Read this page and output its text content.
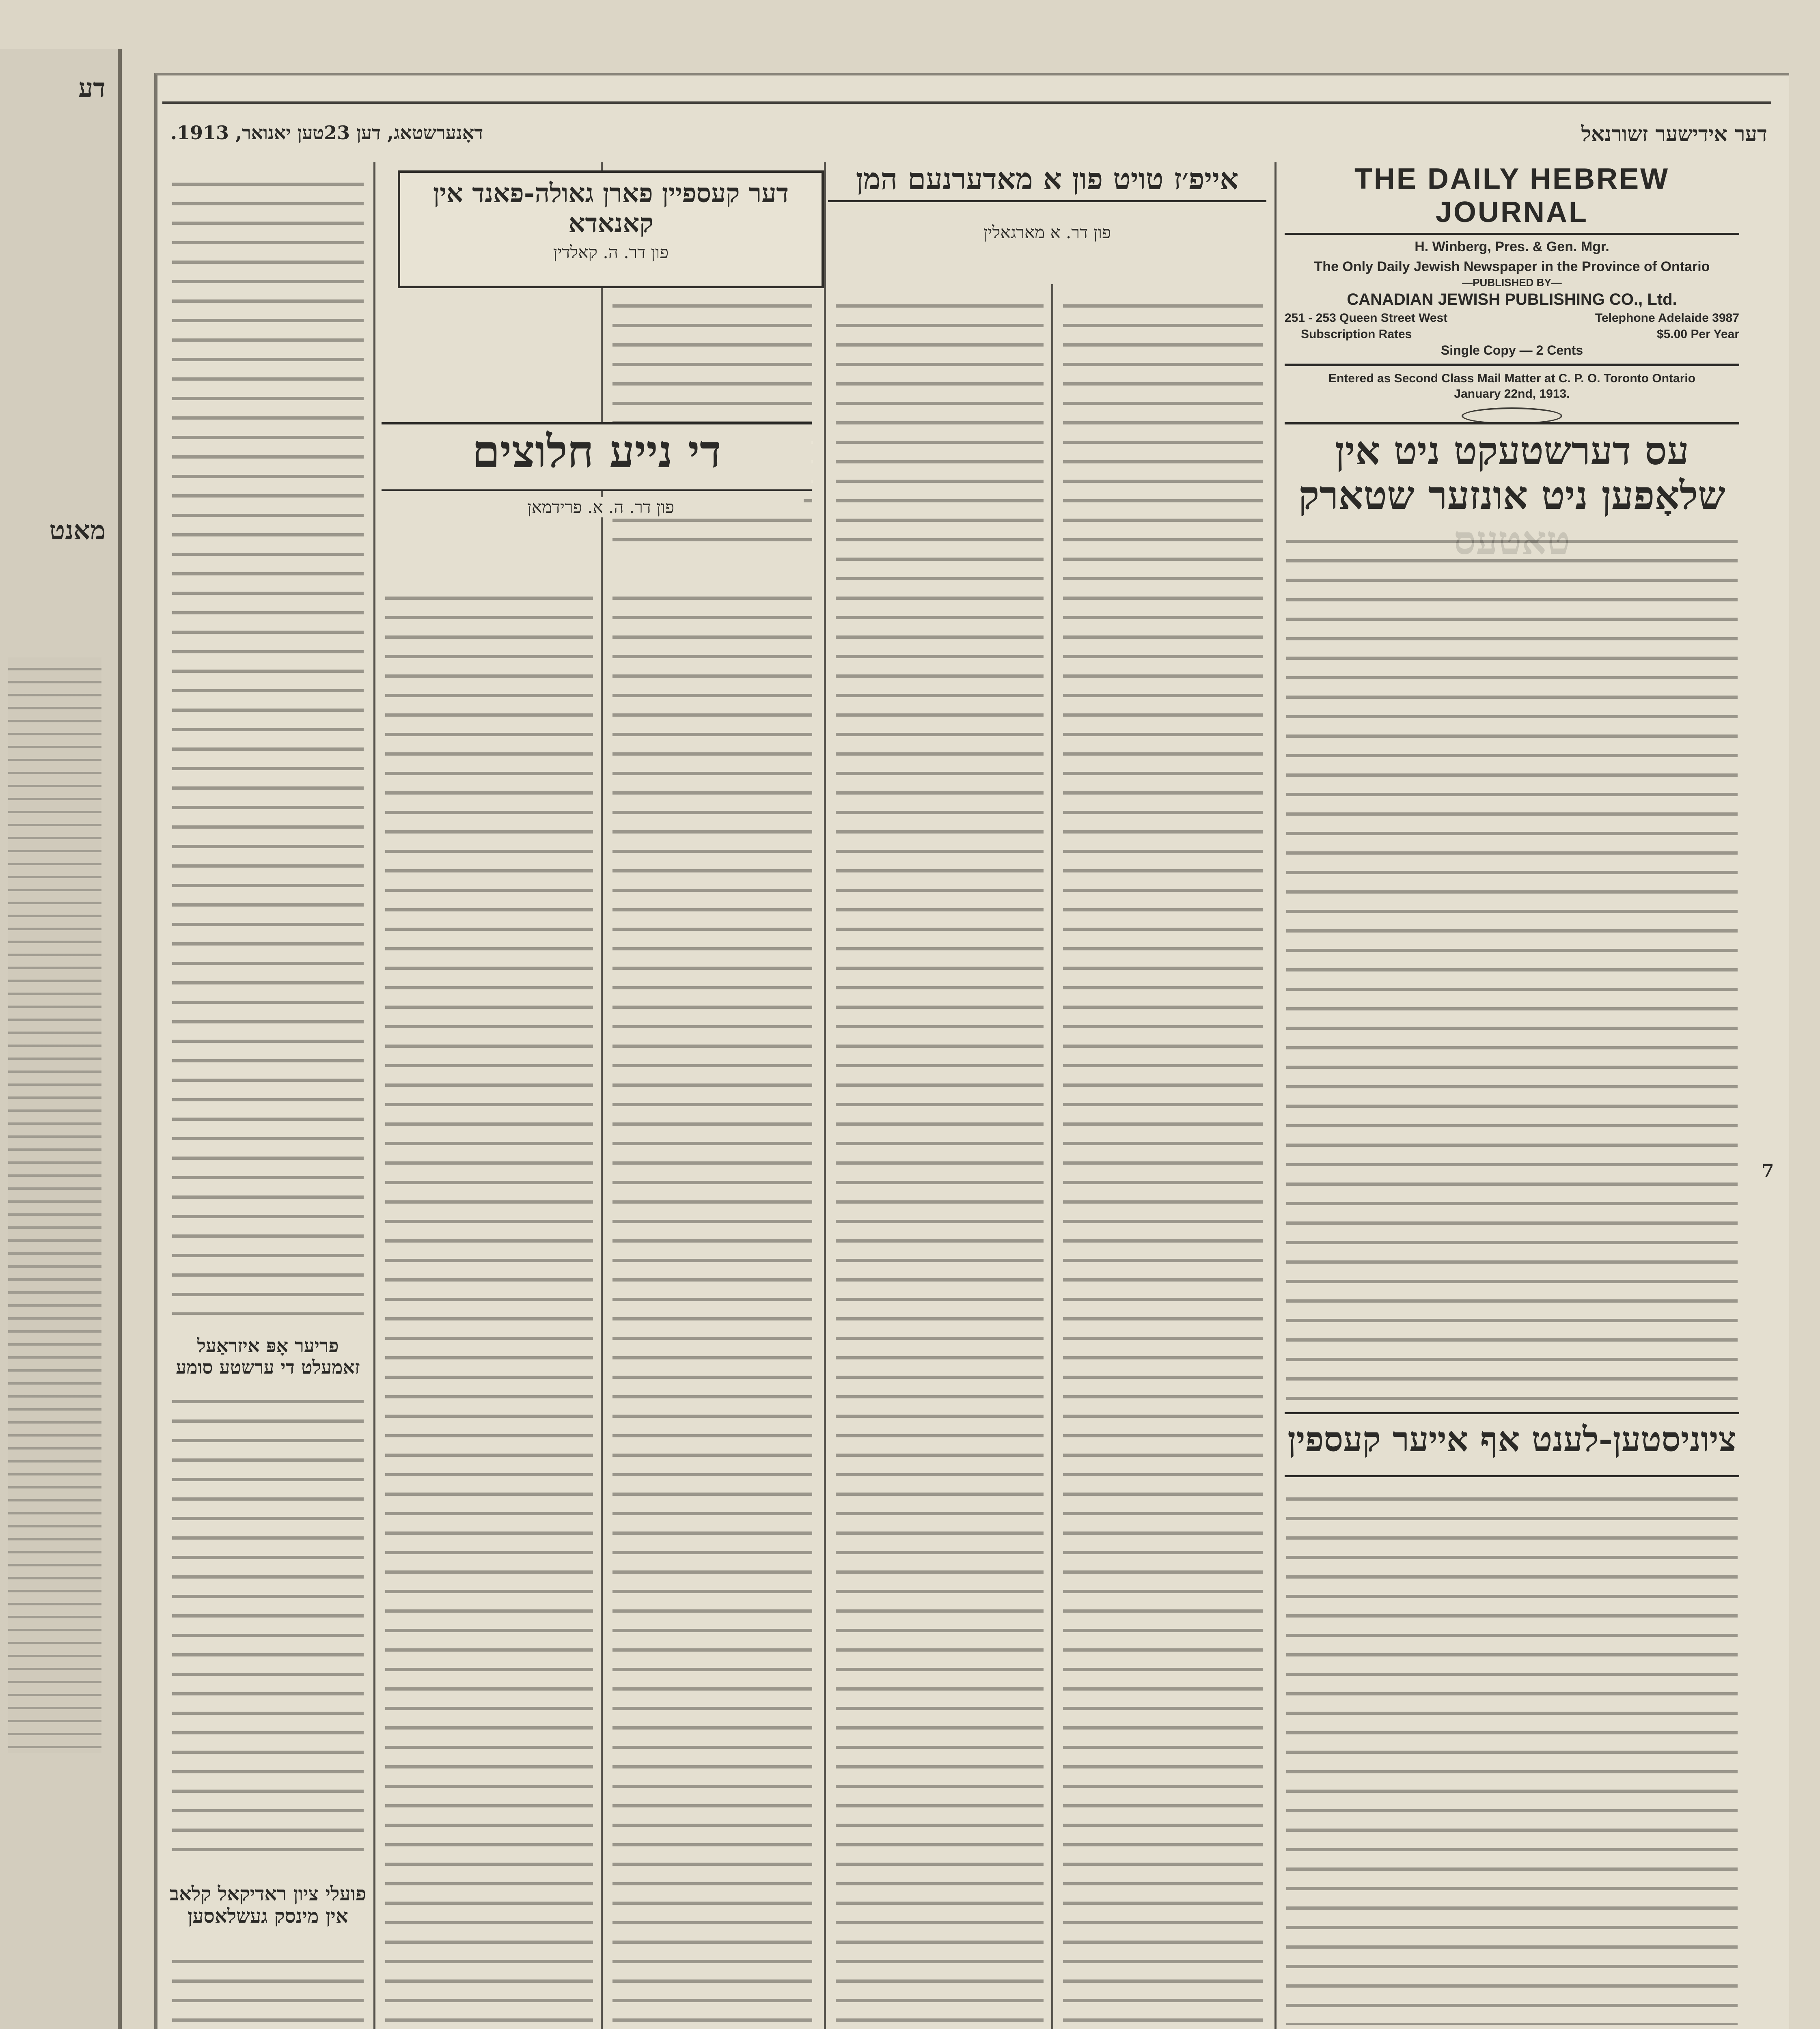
דע
מאנט
דאָנערשטאג, דען 23טען יאנואר, 1913.	דער אידישער זשורנאל
פריער אָפּ איזראַעל זאמעלט די ערשטע סומע
פועלי ציון ראדיקאל קלאב אין מינסק געשלאסען
דער קעספיין פארן גאולה-פאנד אין קאנאדא
פון דר. ה. קאלדין
די נייע חלוצים
פון דר. ה. א. פרידמאן
אייפ׳ז טויט פון א מאדערנעם המן
פון דר. א מארגאלין
THE DAILY HEBREW JOURNAL
H. Winberg, Pres. & Gen. Mgr.
The Only Daily Jewish Newspaper in the Province of Ontario
—PUBLISHED BY—
CANADIAN JEWISH PUBLISHING CO., Ltd.
251 - 253 Queen Street West	Telephone Adelaide 3987
Subscription Rates	$5.00 Per Year
Single Copy — 2 Cents
Entered as Second Class Mail Matter at C. P. O. Toronto Ontario
January 22nd, 1913.
עס דערשטעקט ניט אין שלאָפען ניט אונזער שטארק
ציוניסטען-לענט אף אייער קעספין
7
